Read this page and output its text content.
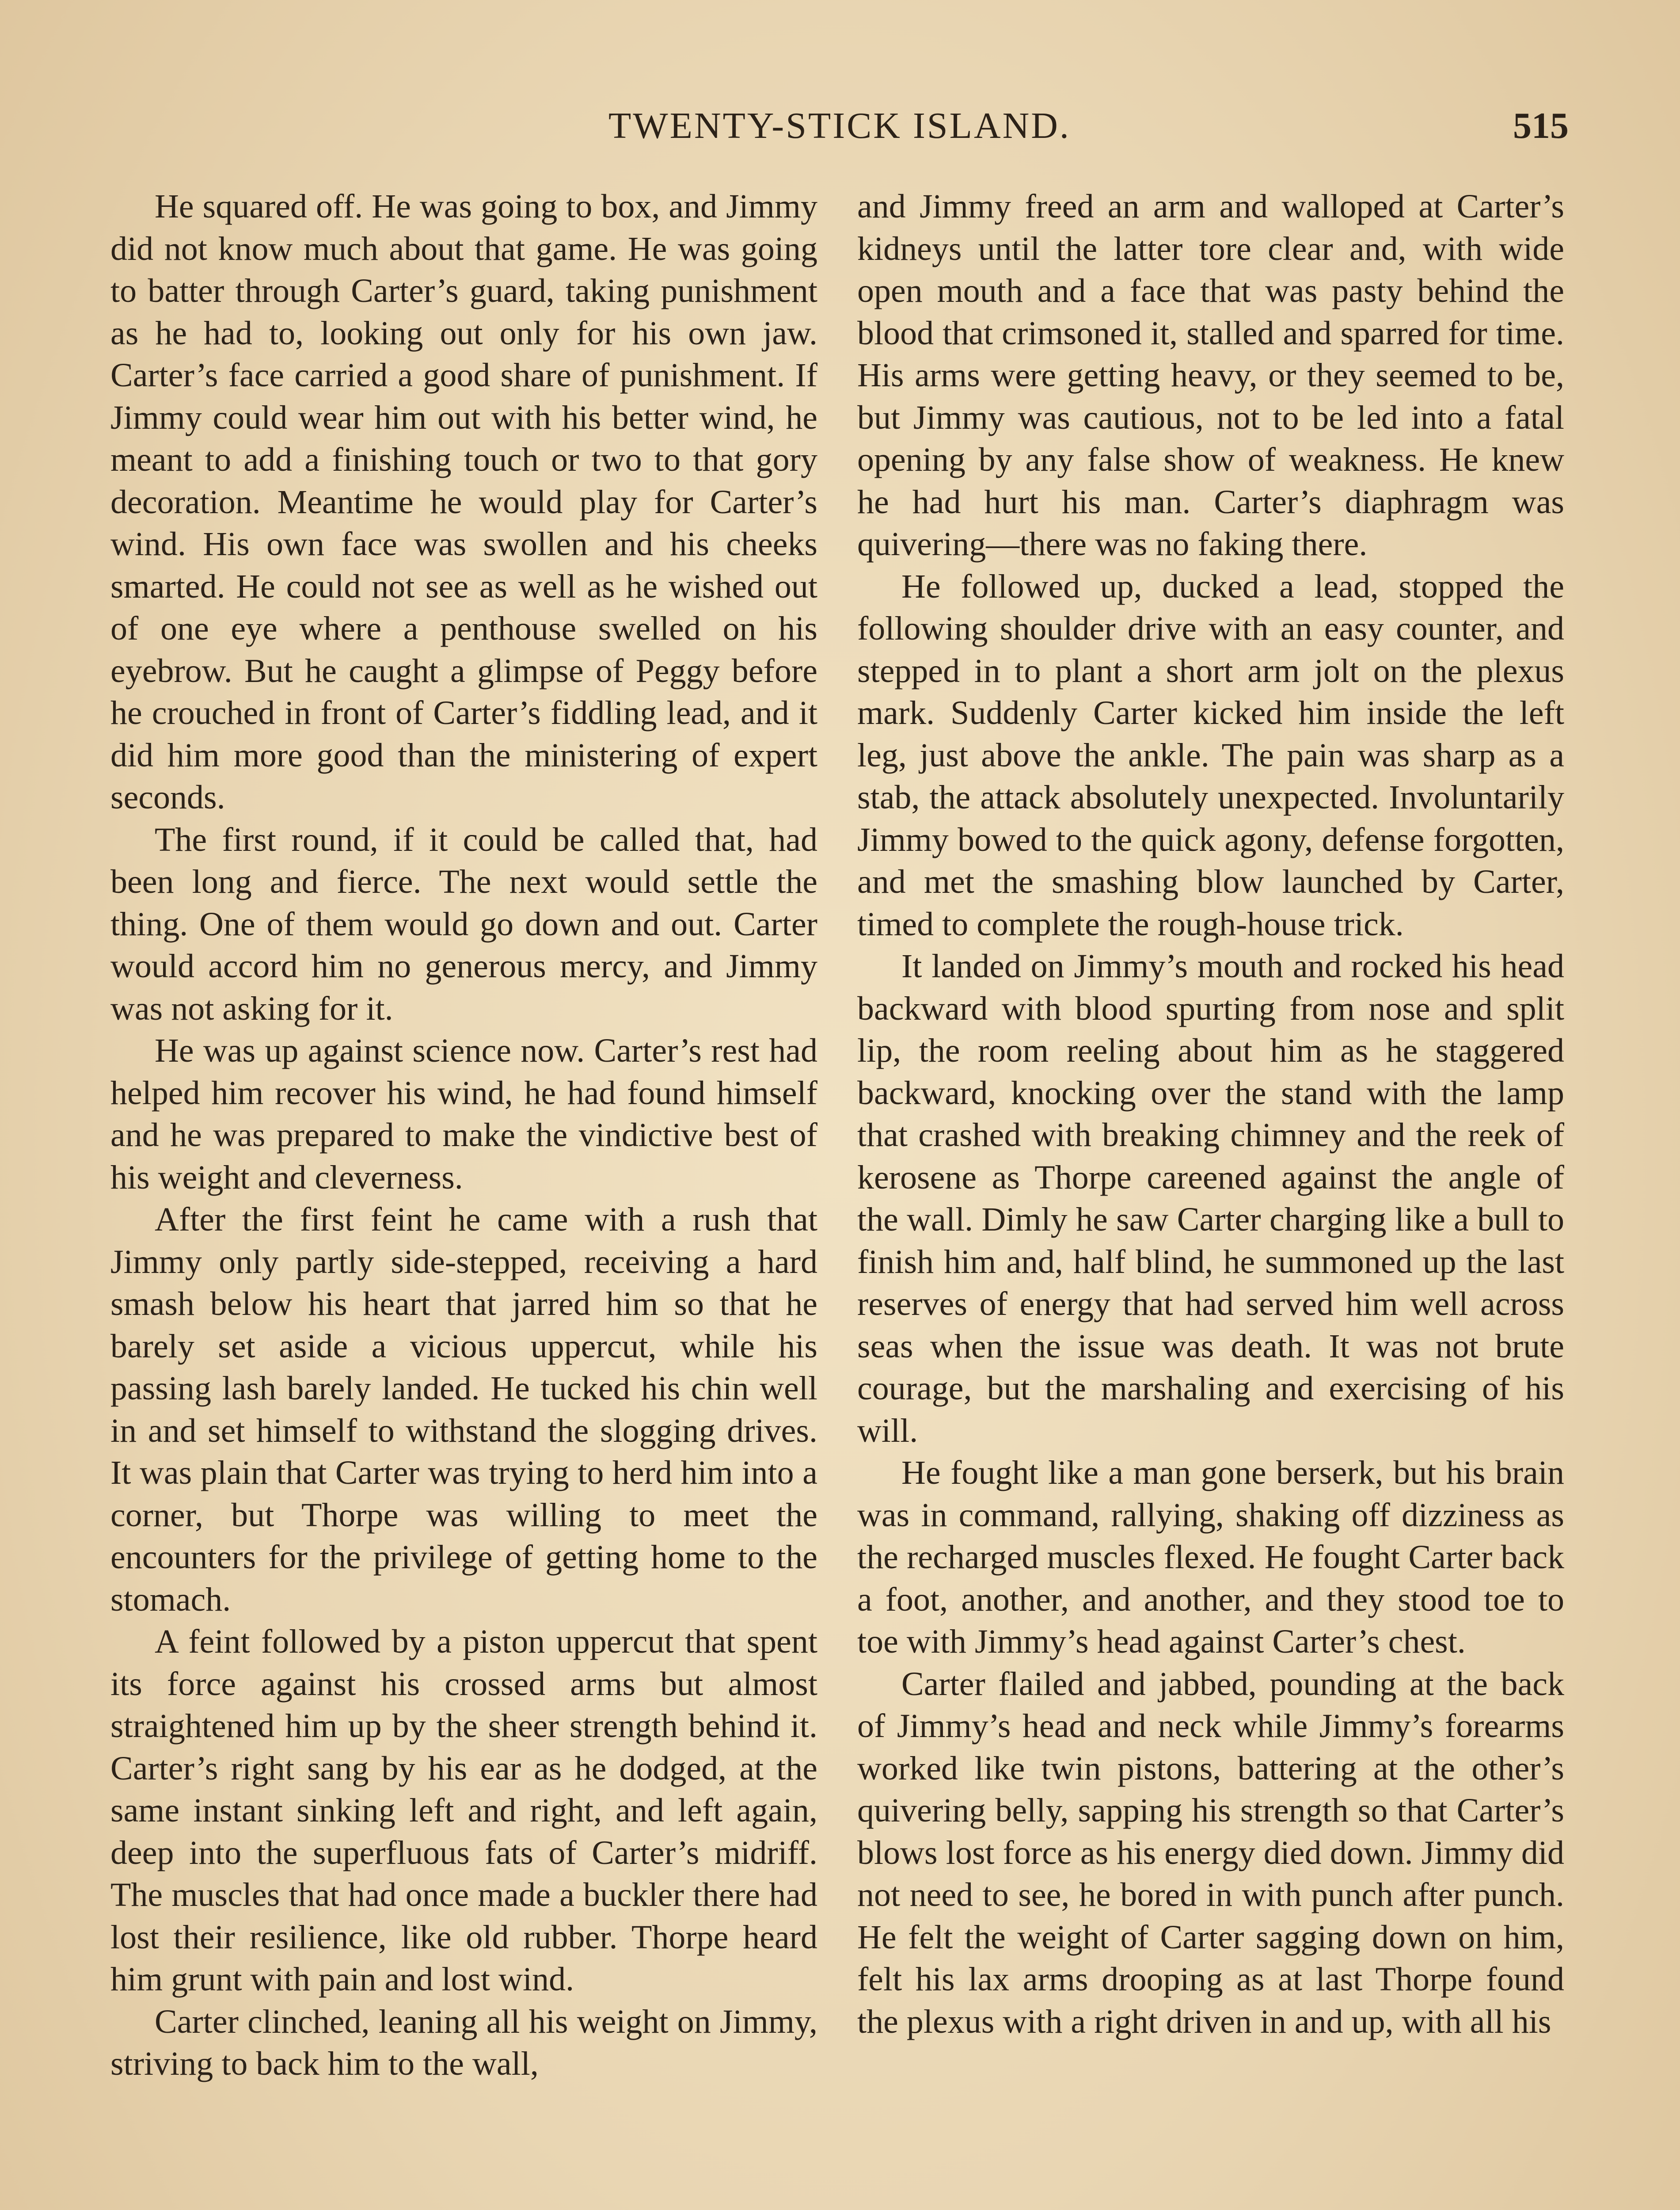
TWENTY-STICK ISLAND.	515

He squared off. He was going to box, and Jimmy did not know much about that game. He was going to batter through Carter’s guard, taking punishment as he had to, looking out only for his own jaw. Carter’s face carried a good share of punishment. If Jimmy could wear him out with his better wind, he meant to add a finishing touch or two to that gory decoration. Meantime he would play for Carter’s wind. His own face was swollen and his cheeks smarted. He could not see as well as he wished out of one eye where a penthouse swelled on his eyebrow. But he caught a glimpse of Peggy before he crouched in front of Carter’s fiddling lead, and it did him more good than the ministering of expert seconds.

The first round, if it could be called that, had been long and fierce. The next would settle the thing. One of them would go down and out. Carter would accord him no generous mercy, and Jimmy was not asking for it.

He was up against science now. Carter’s rest had helped him recover his wind, he had found himself and he was prepared to make the vindictive best of his weight and cleverness.

After the first feint he came with a rush that Jimmy only partly side-stepped, receiving a hard smash below his heart that jarred him so that he barely set aside a vicious uppercut, while his passing lash barely landed. He tucked his chin well in and set himself to withstand the slogging drives. It was plain that Carter was trying to herd him into a corner, but Thorpe was willing to meet the encounters for the privilege of getting home to the stomach.

A feint followed by a piston uppercut that spent its force against his crossed arms but almost straightened him up by the sheer strength behind it. Carter’s right sang by his ear as he dodged, at the same instant sinking left and right, and left again, deep into the superfluous fats of Carter’s midriff. The muscles that had once made a buckler there had lost their resilience, like old rubber. Thorpe heard him grunt with pain and lost wind.

Carter clinched, leaning all his weight on Jimmy, striving to back him to the wall,

and Jimmy freed an arm and walloped at Carter’s kidneys until the latter tore clear and, with wide open mouth and a face that was pasty behind the blood that crimsoned it, stalled and sparred for time. His arms were getting heavy, or they seemed to be, but Jimmy was cautious, not to be led into a fatal opening by any false show of weakness. He knew he had hurt his man. Carter’s diaphragm was quivering—there was no faking there.

He followed up, ducked a lead, stopped the following shoulder drive with an easy counter, and stepped in to plant a short arm jolt on the plexus mark. Suddenly Carter kicked him inside the left leg, just above the ankle. The pain was sharp as a stab, the attack absolutely unexpected. Involuntarily Jimmy bowed to the quick agony, defense forgotten, and met the smashing blow launched by Carter, timed to complete the rough-house trick.

It landed on Jimmy’s mouth and rocked his head backward with blood spurting from nose and split lip, the room reeling about him as he staggered backward, knocking over the stand with the lamp that crashed with breaking chimney and the reek of kerosene as Thorpe careened against the angle of the wall. Dimly he saw Carter charging like a bull to finish him and, half blind, he summoned up the last reserves of energy that had served him well across seas when the issue was death. It was not brute courage, but the marshaling and exercising of his will.

He fought like a man gone berserk, but his brain was in command, rallying, shaking off dizziness as the recharged muscles flexed. He fought Carter back a foot, another, and another, and they stood toe to toe with Jimmy’s head against Carter’s chest.

Carter flailed and jabbed, pounding at the back of Jimmy’s head and neck while Jimmy’s forearms worked like twin pistons, battering at the other’s quivering belly, sapping his strength so that Carter’s blows lost force as his energy died down. Jimmy did not need to see, he bored in with punch after punch. He felt the weight of Carter sagging down on him, felt his lax arms drooping as at last Thorpe found the plexus with a right driven in and up, with all his
